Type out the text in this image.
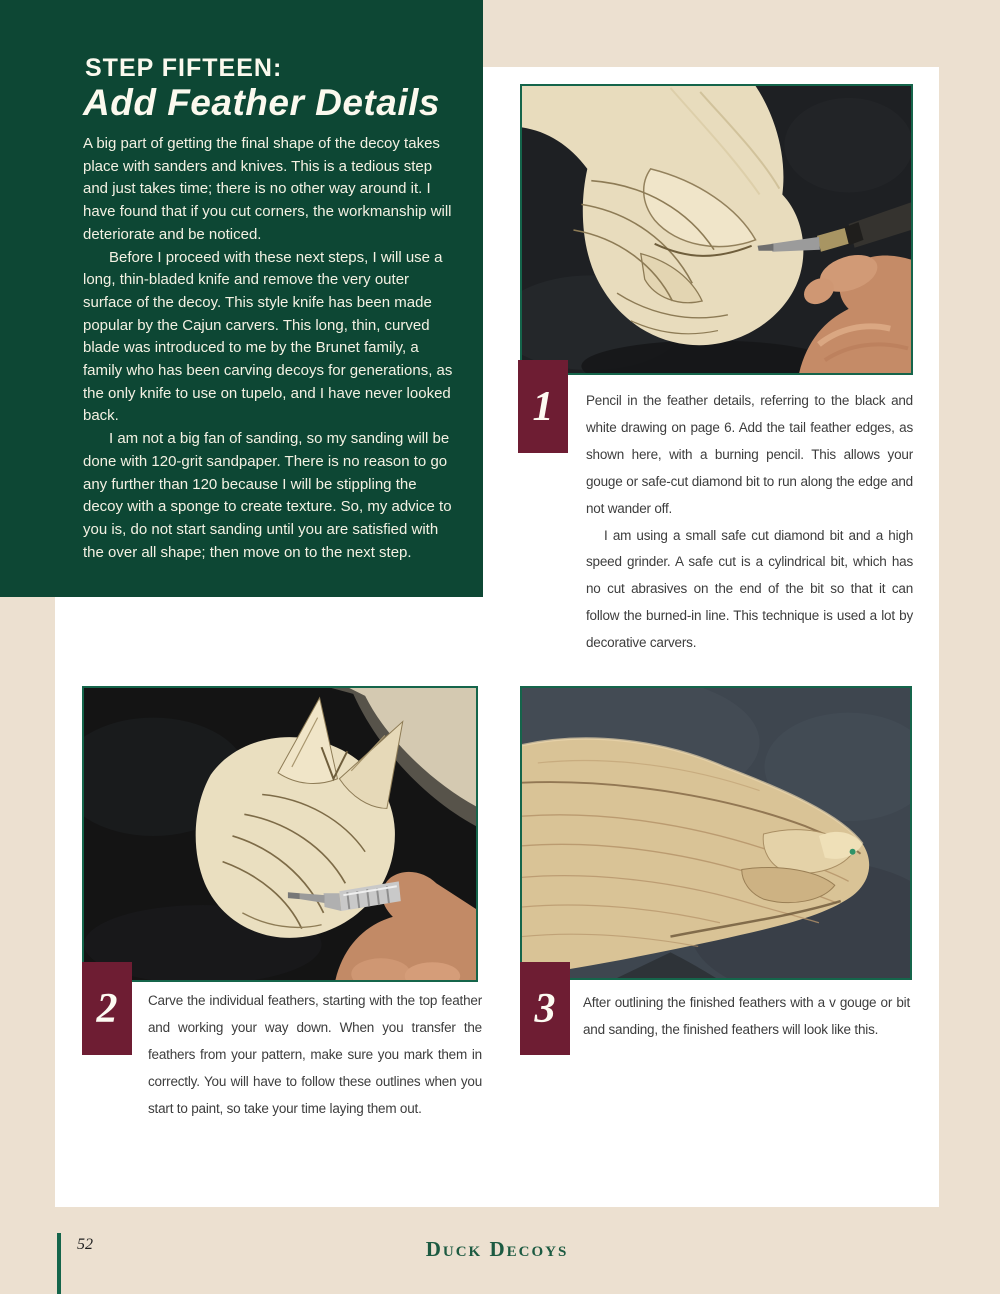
STEP FIFTEEN:
Add Feather Details

A big part of getting the final shape of the decoy takes place with sanders and knives. This is a tedious step and just takes time; there is no other way around it. I have found that if you cut corners, the workmanship will deteriorate and be noticed.

Before I proceed with these next steps, I will use a long, thin-bladed knife and remove the very outer surface of the decoy. This style knife has been made popular by the Cajun carvers. This long, thin, curved blade was introduced to me by the Brunet family, a family who has been carving decoys for generations, as the only knife to use on tupelo, and I have never looked back.

I am not a big fan of sanding, so my sanding will be done with 120-grit sandpaper. There is no reason to go any further than 120 because I will be stippling the decoy with a sponge to create texture. So, my advice to you is, do not start sanding until you are satisfied with the over all shape; then move on to the next step.

1 Pencil in the feather details, referring to the black and white drawing on page 6. Add the tail feather edges, as shown here, with a burning pencil. This allows your gouge or safe-cut diamond bit to run along the edge and not wander off.

I am using a small safe cut diamond bit and a high speed grinder. A safe cut is a cylindrical bit, which has no cut abrasives on the end of the bit so that it can follow the burned-in line. This technique is used a lot by decorative carvers.

2 Carve the individual feathers, starting with the top feather and working your way down. When you transfer the feathers from your pattern, make sure you mark them in correctly. You will have to follow these outlines when you start to paint, so take your time laying them out.

3 After outlining the finished feathers with a v gouge or bit and sanding, the finished feathers will look like this.

52	Duck Decoys
